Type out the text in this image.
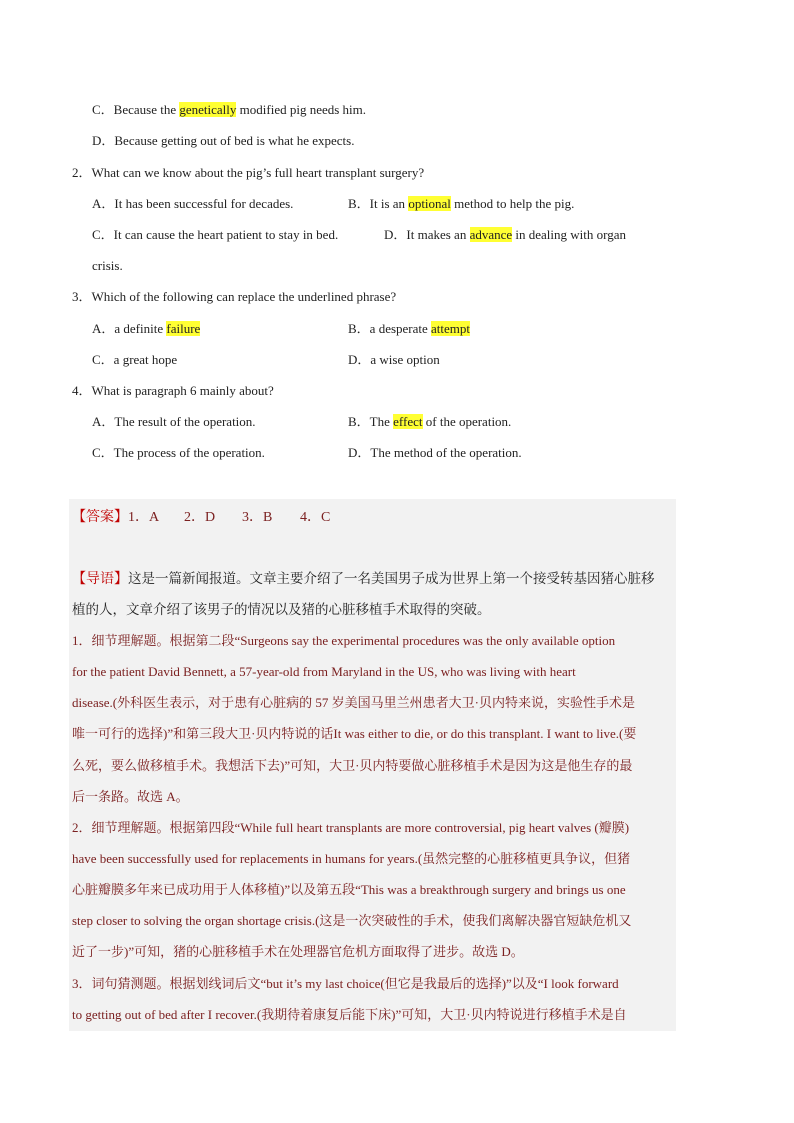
C．Because the genetically modified pig needs him.
D．Because getting out of bed is what he expects.
2．What can we know about the pig’s full heart transplant surgery?
A．It has been successful for decades.	B．It is an optional method to help the pig.
C．It can cause the heart patient to stay in bed.	D．It makes an advance in dealing with organ
crisis.
3．Which of the following can replace the underlined phrase?
A．a definite failure	B．a desperate attempt
C．a great hope	D．a wise option
4．What is paragraph 6 mainly about?
A．The result of the operation.	B．The effect of the operation.
C．The process of the operation.	D．The method of the operation.
【答案】1．A 2．D 3．B 4．C
【导语】这是一篇新闻报道。文章主要介绍了一名美国男子成为世界上第一个接受转基因猪心脏移
植的人，文章介绍了该男子的情况以及猪的心脏移植手术取得的突破。
1．细节理解题。根据第二段“Surgeons say the experimental procedures was the only available option
for the patient David Bennett, a 57-year-old from Maryland in the US, who was living with heart
disease.(外科医生表示，对于患有心脏病的 57 岁美国马里兰州患者大卫·贝内特来说，实验性手术是
唯一可行的选择)”和第三段大卫·贝内特说的话It was either to die, or do this transplant. I want to live.(要
么死，要么做移植手术。我想活下去)”可知，大卫·贝内特要做心脏移植手术是因为这是他生存的最
后一条路。故选 A。
2．细节理解题。根据第四段“While full heart transplants are more controversial, pig heart valves (瓣膜)
have been successfully used for replacements in humans for years.(虽然完整的心脏移植更具争议，但猪
心脏瓣膜多年来已成功用于人体移植)”以及第五段“This was a breakthrough surgery and brings us one
step closer to solving the organ shortage crisis.(这是一次突破性的手术，使我们离解决器官短缺危机又
近了一步)”可知，猪的心脏移植手术在处理器官危机方面取得了进步。故选 D。
3．词句猜测题。根据划线词后文“but it’s my last choice(但它是我最后的选择)”以及“I look forward
to getting out of bed after I recover.(我期待着康复后能下床)”可知，大卫·贝内特说进行移植手术是自
